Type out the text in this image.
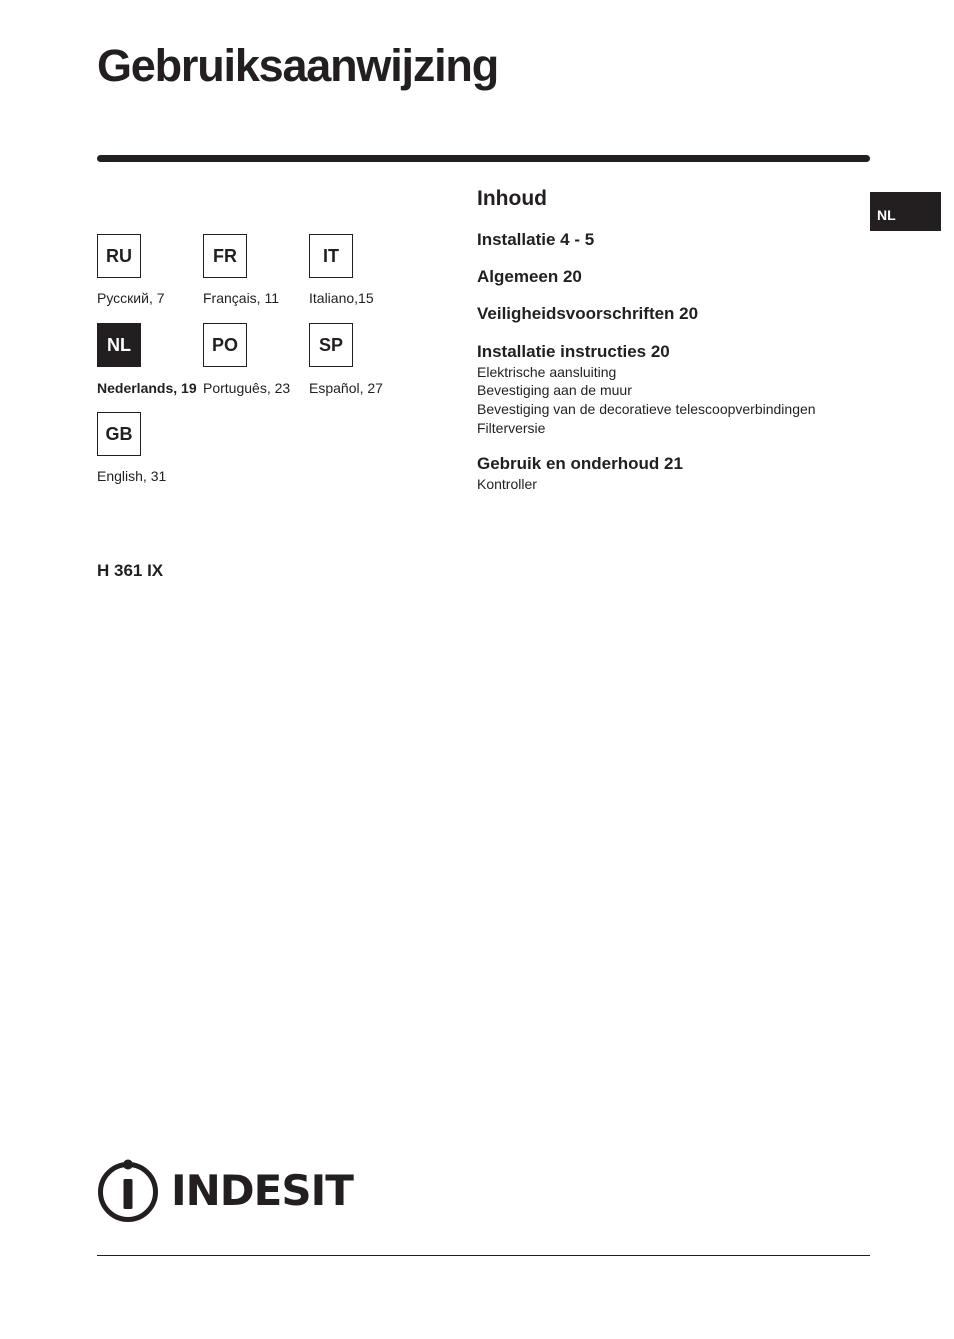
Gebruiksaanwijzing
NL
RU
Русский, 7
FR
Français, 11
IT
Italiano,15
NL
Nederlands, 19
PO
Português, 23
SP
Español, 27
GB
English, 31
H 361 IX
Inhoud
Installatie 4 - 5
Algemeen 20
Veiligheidsvoorschriften 20
Installatie instructies 20
Elektrische aansluiting
Bevestiging aan de muur
Bevestiging van de decoratieve telescoopverbindingen
Filterversie
Gebruik en onderhoud 21
Kontroller
INDESIT
